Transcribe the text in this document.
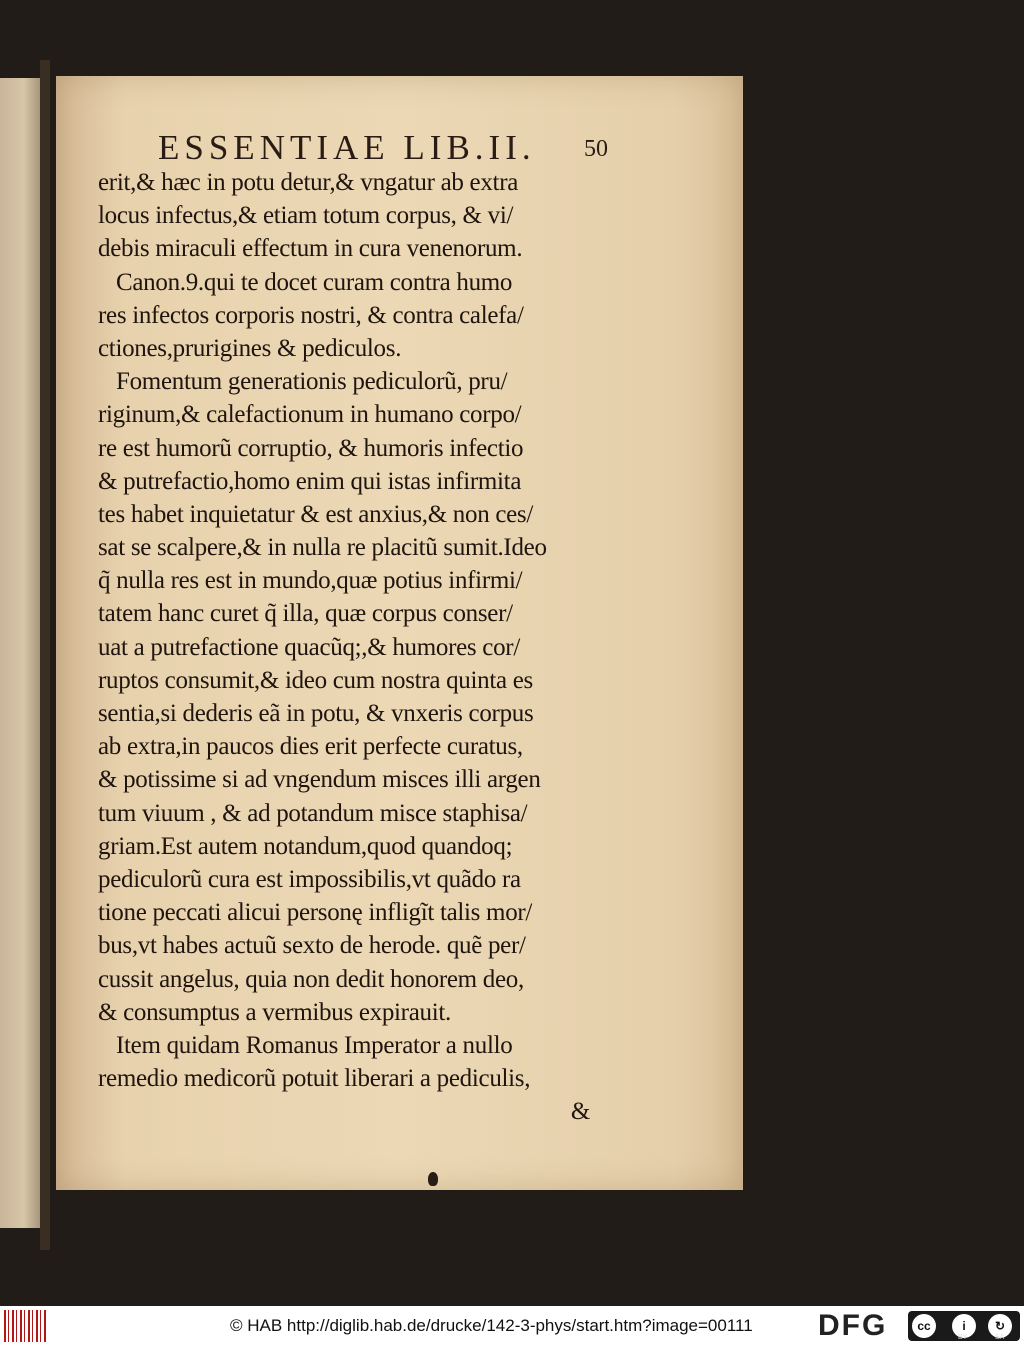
ESSENTIAE LIB.II. 50
erit,& hæc in potu detur,& vngatur ab extra
locus infectus,& etiam totum corpus, & vi/
debis miraculi effectum in cura venenorum.
Canon.9.qui te docet curam contra humo
res infectos corporis nostri, & contra calefa/
ctiones,prurigines & pediculos.
Fomentum generationis pediculorũ, pru/
riginum,& calefactionum in humano corpo/
re est humorũ corruptio, & humoris infectio
& putrefactio,homo enim qui istas infirmita
tes habet inquietatur & est anxius,& non ces/
sat se scalpere,& in nulla re placitũ sumit.Ideo
q̃ nulla res est in mundo,quæ potius infirmi/
tatem hanc curet q̃ illa, quæ corpus conser/
uat a putrefactione quacũq;,& humores cor/
ruptos consumit,& ideo cum nostra quinta es
sentia,si dederis eã in potu, & vnxeris corpus
ab extra,in paucos dies erit perfecte curatus,
& potissime si ad vngendum misces illi argen
tum viuum , & ad potandum misce staphisa/
griam.Est autem notandum,quod quandoq;
pediculorũ cura est impossibilis,vt quãdo ra
tione peccati alicui personę infligĩt talis mor/
bus,vt habes actuũ sexto de herode. quẽ per/
cussit angelus, quia non dedit honorem deo,
& consumptus a vermibus expirauit.
Item quidam Romanus Imperator a nullo
remedio medicorũ potuit liberari a pediculis,
&
© HAB http://diglib.hab.de/drucke/142-3-phys/start.htm?image=00111 DFG	cc	i	↻
BY	SA
